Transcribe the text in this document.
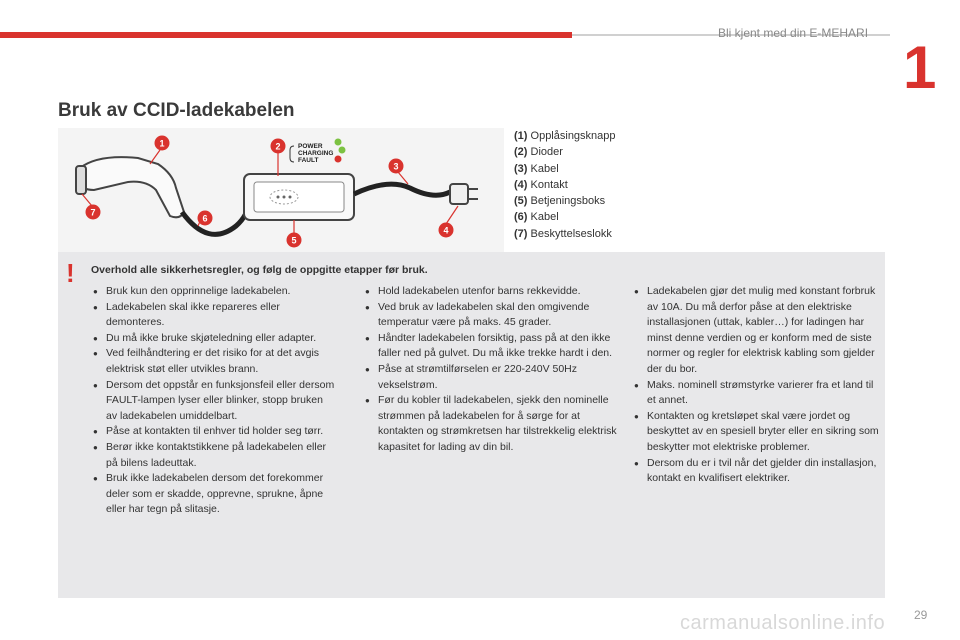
Bli kjent med din E-MEHARI
1
Bruk av CCID-ladekabelen
POWER
CHARGING
FAULT
1	2
3
4
5
6
7
(1) Opplåsingsknapp
(2) Dioder
(3) Kabel
(4) Kontakt
(5) Betjeningsboks
(6) Kabel
(7) Beskyttelseslokk
! Overhold alle sikkerhetsregler, og følg de oppgitte etapper før bruk.
● Bruk kun den opprinnelige ladekabelen.
● Ladekabelen skal ikke repareres eller demonteres.
● Du må ikke bruke skjøteledning eller adapter.
● Ved feilhåndtering er det risiko for at det avgis elektrisk støt eller utvikles brann.
● Dersom det oppstår en funksjonsfeil eller dersom FAULT-lampen lyser eller blinker, stopp bruken av ladekabelen umiddelbart.
● Påse at kontakten til enhver tid holder seg tørr.
● Berør ikke kontaktstikkene på ladekabelen eller på bilens ladeuttak.
● Bruk ikke ladekabelen dersom det forekommer deler som er skadde, opprevne, sprukne, åpne eller har tegn på slitasje.
● Hold ladekabelen utenfor barns rekkevidde.
● Ved bruk av ladekabelen skal den omgivende temperatur være på maks. 45 grader.
● Håndter ladekabelen forsiktig, pass på at den ikke faller ned på gulvet. Du må ikke trekke hardt i den.
● Påse at strømtilførselen er 220-240V 50Hz vekselstrøm.
● Før du kobler til ladekabelen, sjekk den nominelle strømmen på ladekabelen for å sørge for at kontakten og strømkretsen har tilstrekkelig elektrisk kapasitet for lading av din bil.
● Ladekabelen gjør det mulig med konstant forbruk av 10A. Du må derfor påse at den elektriske installasjonen (uttak, kabler…) for ladingen har minst denne verdien og er konform med de siste normer og regler for elektrisk kabling som gjelder der du bor.
● Maks. nominell strømstyrke varierer fra et land til et annet.
● Kontakten og kretsløpet skal være jordet og beskyttet av en spesiell bryter eller en sikring som beskytter mot elektriske problemer.
● Dersom du er i tvil når det gjelder din installasjon, kontakt en kvalifisert elektriker.
carmanualsonline.info 29
